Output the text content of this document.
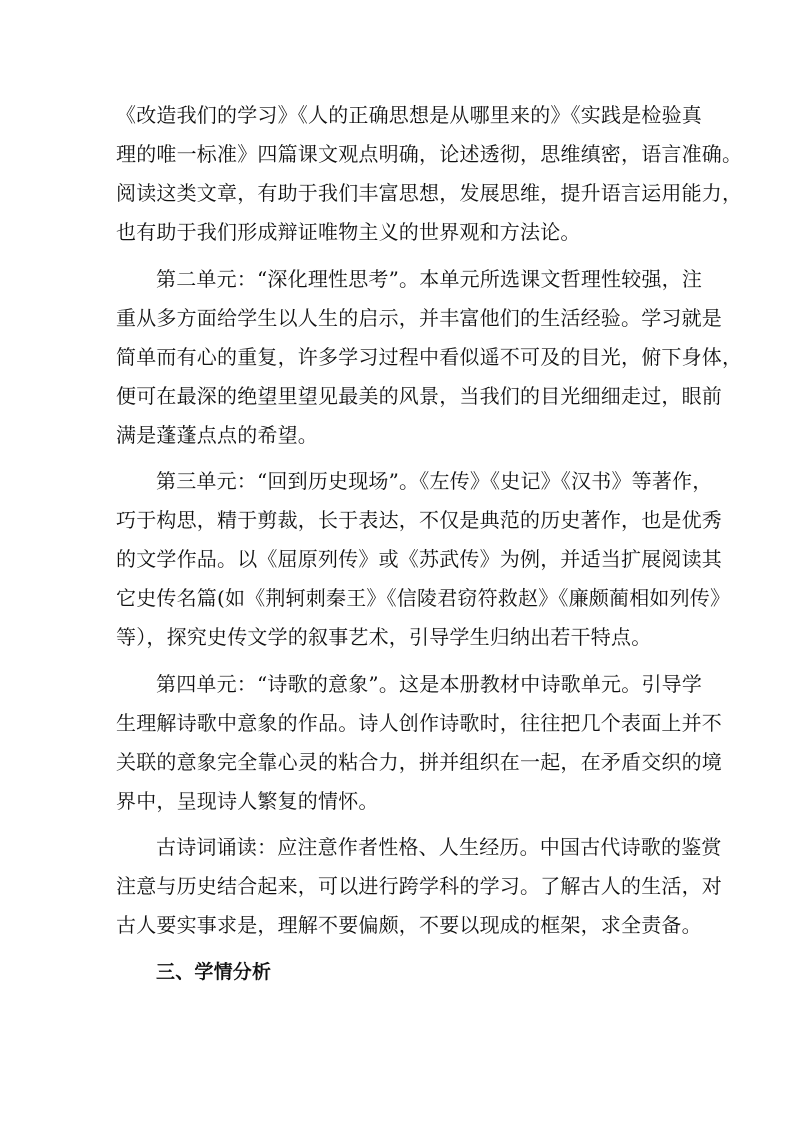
《改造我们的学习》《人的正确思想是从哪里来的》《实践是检验真
理的唯一标准》四篇课文观点明确，论述透彻，思维缜密，语言准确。
阅读这类文章，有助于我们丰富思想，发展思维，提升语言运用能力，
也有助于我们形成辩证唯物主义的世界观和方法论。
第二单元：“深化理性思考”。本单元所选课文哲理性较强，注
重从多方面给学生以人生的启示，并丰富他们的生活经验。学习就是
简单而有心的重复，许多学习过程中看似遥不可及的目光，俯下身体，
便可在最深的绝望里望见最美的风景，当我们的目光细细走过，眼前
满是蓬蓬点点的希望。
第三单元：“回到历史现场”。《左传》《史记》《汉书》等著作，
巧于构思，精于剪裁，长于表达，不仅是典范的历史著作，也是优秀
的文学作品。以《屈原列传》或《苏武传》为例，并适当扩展阅读其
它史传名篇(如《荆轲刺秦王》《信陵君窃符救赵》《廉颇蔺相如列传》
等），探究史传文学的叙事艺术，引导学生归纳出若干特点。
第四单元：“诗歌的意象”。这是本册教材中诗歌单元。引导学
生理解诗歌中意象的作品。诗人创作诗歌时，往往把几个表面上并不
关联的意象完全靠心灵的粘合力，拼并组织在一起，在矛盾交织的境
界中，呈现诗人繁复的情怀。
古诗词诵读：应注意作者性格、人生经历。中国古代诗歌的鉴赏
注意与历史结合起来，可以进行跨学科的学习。了解古人的生活，对
古人要实事求是，理解不要偏颇，不要以现成的框架，求全责备。
三、学情分析
